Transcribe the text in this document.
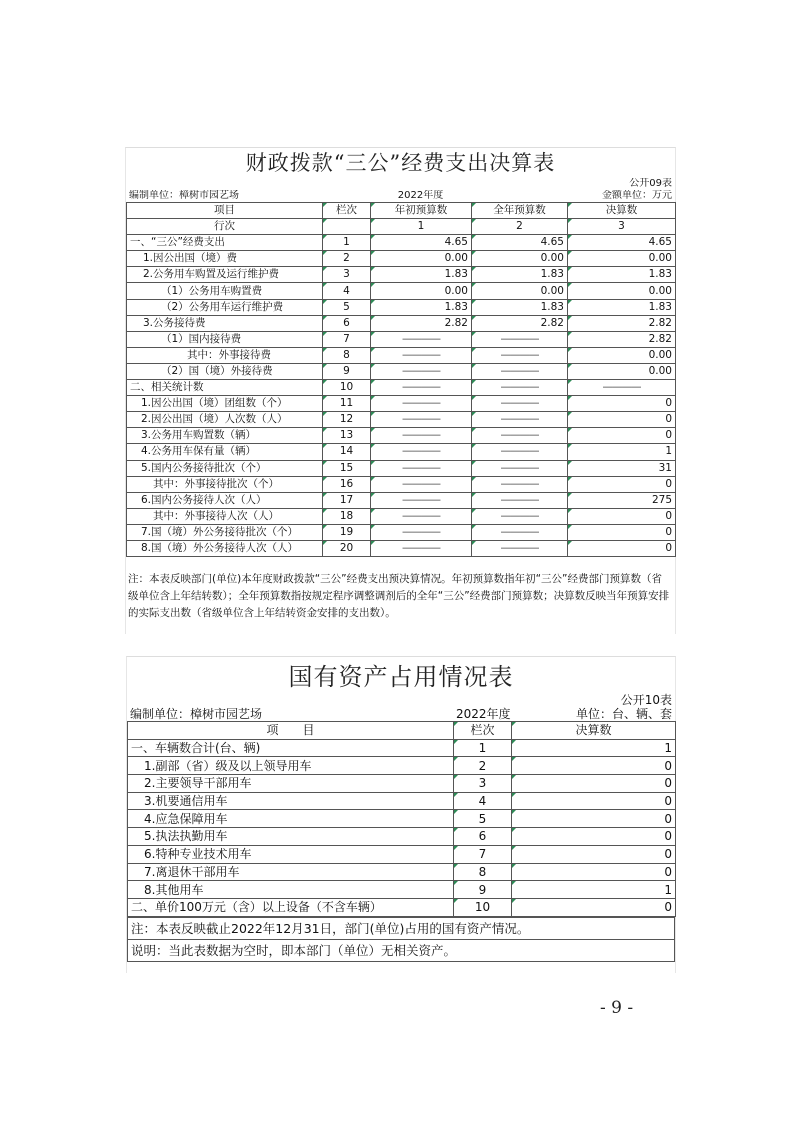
财政拨款“三公”经费支出决算表
				公开09表
编制单位：樟树市园艺场		2022年度		金额单位：万元
项目	栏次	年初预算数	全年预算数	决算数
行次		1	2	3
一、“三公”经费支出	1	4.65	4.65	4.65
1.因公出国（境）费	2	0.00	0.00	0.00
2.公务用车购置及运行维护费	3	1.83	1.83	1.83
（1）公务用车购置费	4	0.00	0.00	0.00
（2）公务用车运行维护费	5	1.83	1.83	1.83
3.公务接待费	6	2.82	2.82	2.82
（1）国内接待费	7	————	————	2.82
其中：外事接待费	8	————	————	0.00
（2）国（境）外接待费	9	————	————	0.00
二、相关统计数	10	————	————	————
1.因公出国（境）团组数（个）	11	————	————	0
2.因公出国（境）人次数（人）	12	————	————	0
3.公务用车购置数（辆）	13	————	————	0
4.公务用车保有量（辆）	14	————	————	1
5.国内公务接待批次（个）	15	————	————	31
其中：外事接待批次（个）	16	————	————	0
6.国内公务接待人次（人）	17	————	————	275
其中：外事接待人次（人）	18	————	————	0
7.国（境）外公务接待批次（个）	19	————	————	0
8.国（境）外公务接待人次（人）	20	————	————	0
注：本表反映部门(单位)本年度财政拨款“三公”经费支出预决算情况。年初预算数指年初“三公”经费部门预算数（省级单位含上年结转数）；全年预算数指按规定程序调整调剂后的全年“三公”经费部门预算数；决算数反映当年预算安排的实际支出数（省级单位含上年结转资金安排的支出数）。
国有资产占用情况表
		公开10表
编制单位：樟树市园艺场	2022年度	单位：台、辆、套
项　　目	栏次	决算数
一、车辆数合计(台、辆)	1	1
1.副部（省）级及以上领导用车	2	0
2.主要领导干部用车	3	0
3.机要通信用车	4	0
4.应急保障用车	5	0
5.执法执勤用车	6	0
6.特种专业技术用车	7	0
7.离退休干部用车	8	0
8.其他用车	9	1
二、单价100万元（含）以上设备（不含车辆）	10	0
注：本表反映截止2022年12月31日，部门(单位)占用的国有资产情况。
说明：当此表数据为空时，即本部门（单位）无相关资产。
- 9 -
